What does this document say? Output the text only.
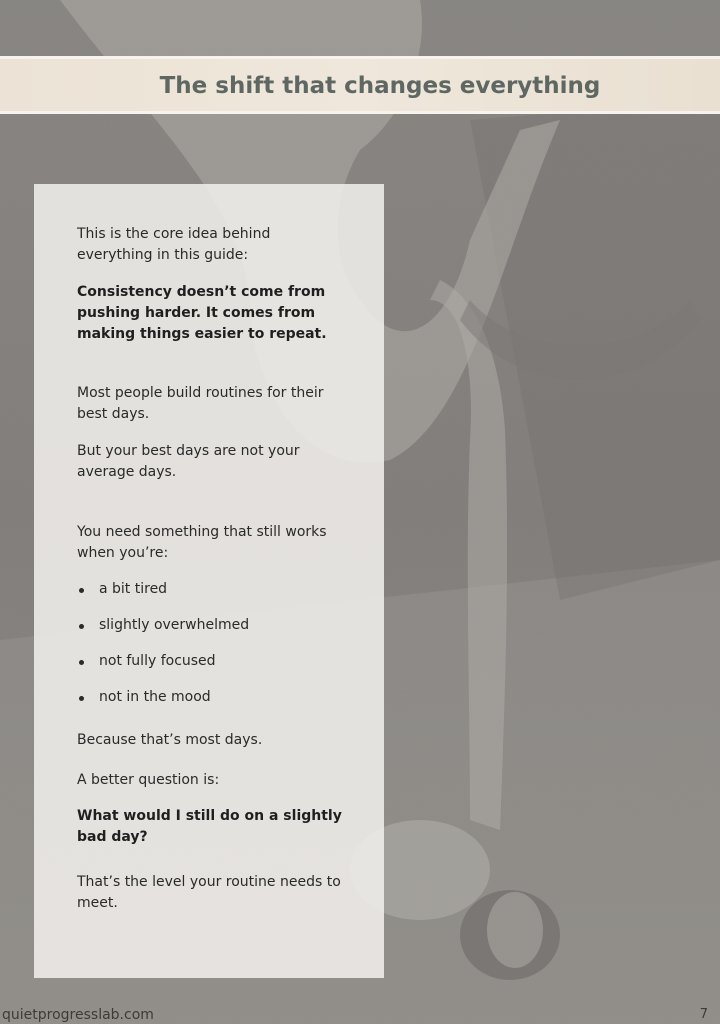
The shift that changes everything

This is the core idea behind everything in this guide:

Consistency doesn’t come from pushing harder. It comes from making things easier to repeat.

Most people build routines for their best days.

But your best days are not your average days.

You need something that still works when you’re:

a bit tired
slightly overwhelmed
not fully focused
not in the mood

Because that’s most days.

A better question is:

What would I still do on a slightly bad day?

That’s the level your routine needs to meet.

quietprogresslab.com	7
